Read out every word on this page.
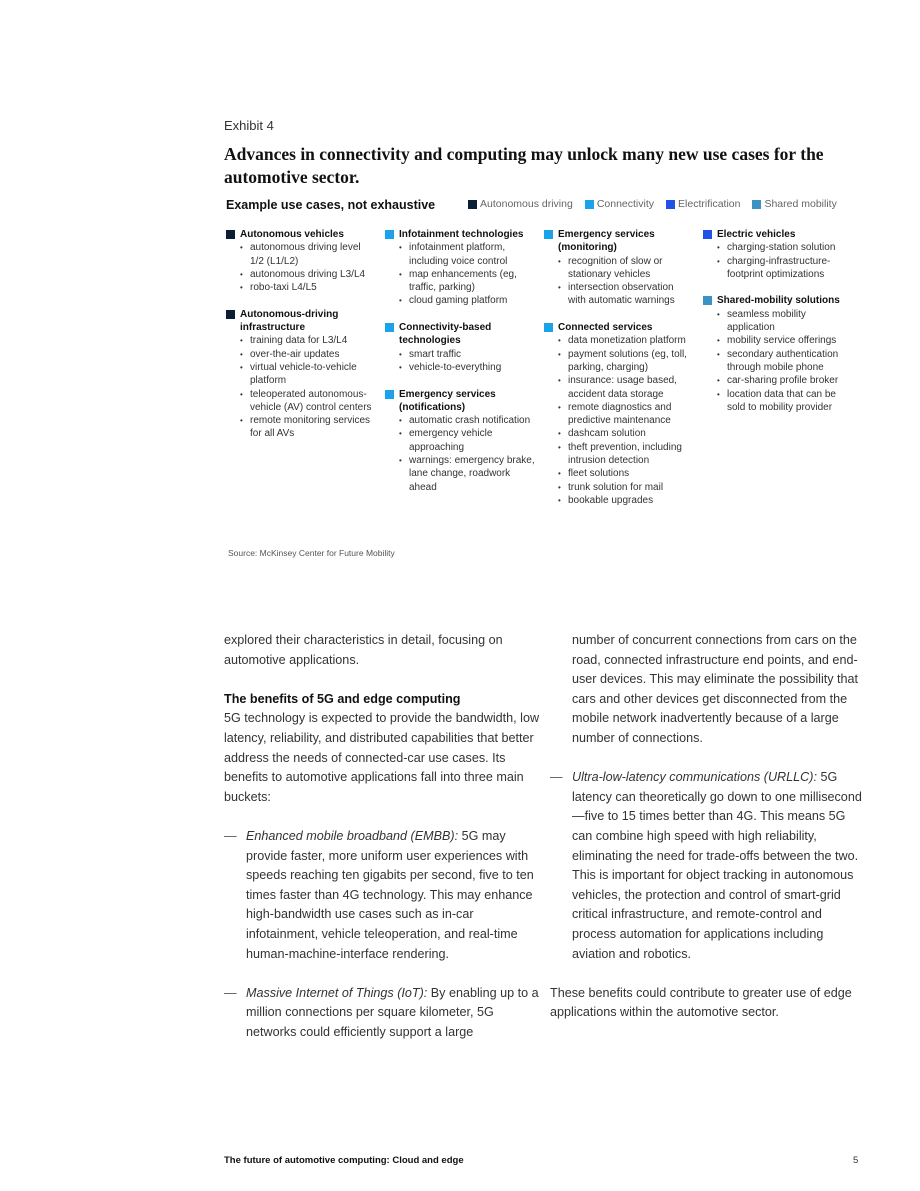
Exhibit 4
Advances in connectivity and computing may unlock many new use cases for the automotive sector.
Example use cases, not exhaustive	Autonomous driving Connectivity Electrification Shared mobility
Autonomous vehicles
• autonomous driving level 1/2 (L1/L2)
• autonomous driving L3/L4
• robo-taxi L4/L5
Autonomous-driving infrastructure
• training data for L3/L4
• over-the-air updates
• virtual vehicle-to-vehicle platform
• teleoperated autonomous-vehicle (AV) control centers
• remote monitoring services for all AVs
Infotainment technologies
• infotainment platform, including voice control
• map enhancements (eg, traffic, parking)
• cloud gaming platform
Connectivity-based technologies
• smart traffic
• vehicle-to-everything
Emergency services (notifications)
• automatic crash notification
• emergency vehicle approaching
• warnings: emergency brake, lane change, roadwork ahead
Emergency services (monitoring)
• recognition of slow or stationary vehicles
• intersection observation with automatic warnings
Connected services
• data monetization platform
• payment solutions (eg, toll, parking, charging)
• insurance: usage based, accident data storage
• remote diagnostics and predictive maintenance
• dashcam solution
• theft prevention, including intrusion detection
• fleet solutions
• trunk solution for mail
• bookable upgrades
Electric vehicles
• charging-station solution
• charging-infrastructure-footprint optimizations
Shared-mobility solutions
• seamless mobility application
• mobility service offerings
• secondary authentication through mobile phone
• car-sharing profile broker
• location data that can be sold to mobility provider
Source: McKinsey Center for Future Mobility

explored their characteristics in detail, focusing on automotive applications.

The benefits of 5G and edge computing

5G technology is expected to provide the bandwidth, low latency, reliability, and distributed capabilities that better address the needs of connected-car use cases. Its benefits to automotive applications fall into three main buckets:

— Enhanced mobile broadband (EMBB): 5G may provide faster, more uniform user experiences with speeds reaching ten gigabits per second, five to ten times faster than 4G technology. This may enhance high-bandwidth use cases such as in-car infotainment, vehicle teleoperation, and real-time human-machine-interface rendering.

— Massive Internet of Things (IoT): By enabling up to a million connections per square kilometer, 5G networks could efficiently support a large

number of concurrent connections from cars on the road, connected infrastructure end points, and end-user devices. This may eliminate the possibility that cars and other devices get disconnected from the mobile network inadvertently because of a large number of connections.

— Ultra-low-latency communications (URLLC): 5G latency can theoretically go down to one millisecond—five to 15 times better than 4G. This means 5G can combine high speed with high reliability, eliminating the need for trade-offs between the two. This is important for object tracking in autonomous vehicles, the protection and control of smart-grid critical infrastructure, and remote-control and process automation for applications including aviation and robotics.

These benefits could contribute to greater use of edge applications within the automotive sector.

The future of automotive computing: Cloud and edge	5
